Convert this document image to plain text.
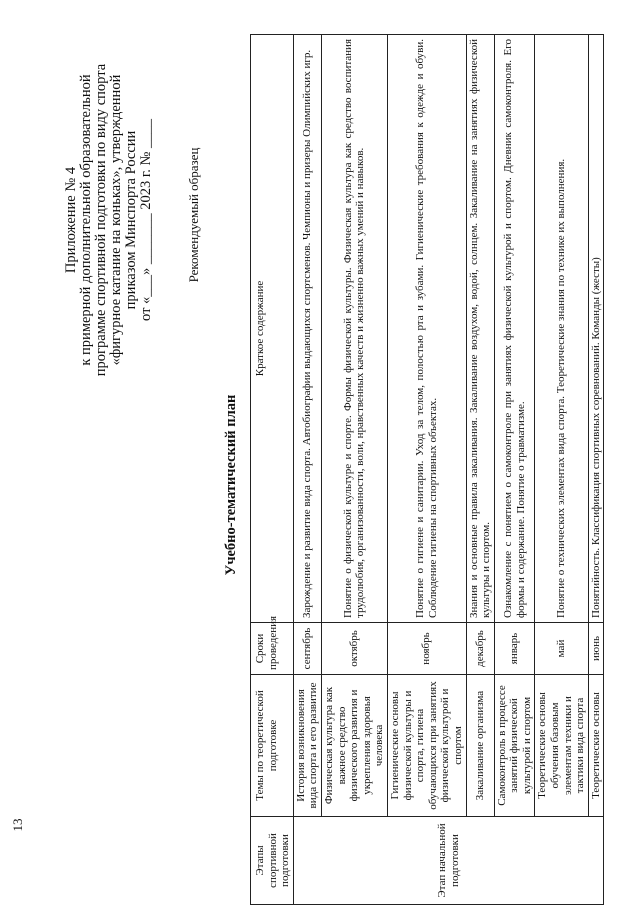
13
Приложение № 4 к примерной дополнительной образовательной программе спортивной подготовки по виду спорта «фигурное катание на коньках», утвержденной приказом Минспорта России от «___» _______ 2023 г. № ____ Рекомендуемый образец
Учебно-тематический план
Этапы спортивной подготовки	Темы по теоретической подготовке	Сроки проведения	Краткое содержание
Этап начальной подготовки	История возникновения вида спорта и его развитие	сентябрь	Зарождение и развитие вида спорта. Автобиографии выдающихся спортсменов. Чемпионы и призеры Олимпийских игр.
	Физическая культура как важное средство физического развития и укрепления здоровья человека	октябрь	Понятие о физической культуре и спорте. Формы физической культуры. Физическая культура как средство воспитания трудолюбия, организованности, воли, нравственных качеств и жизненно важных умений и навыков.
	Гигиенические основы физической культуры и спорта, гигиена обучающихся при занятиях физической культурой и спортом	ноябрь	Понятие о гигиене и санитарии. Уход за телом, полостью рта и зубами. Гигиенические требования к одежде и обуви. Соблюдение гигиены на спортивных объектах.
	Закаливание организма	декабрь	Знания и основные правила закаливания. Закаливание воздухом, водой, солнцем. Закаливание на занятиях физической культуры и спортом.
	Самоконтроль в процессе занятий физической культурой и спортом	январь	Ознакомление с понятием о самоконтроле при занятиях физической культурой и спортом. Дневник самоконтроля. Его формы и содержание. Понятие о травматизме.
	Теоретические основы обучения базовым элементам техники и тактики вида спорта	май	Понятие о технических элементах вида спорта. Теоретические знания по технике их выполнения.
	Теоретические основы	июнь	Понятийность. Классификация спортивных соревнований. Команды (жесты)
